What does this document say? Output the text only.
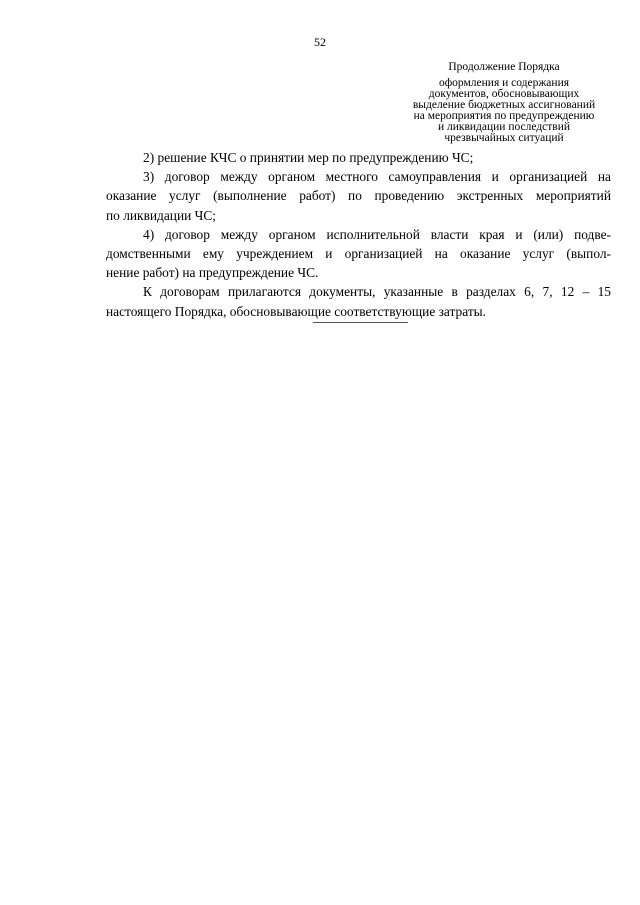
52
Продолжение Порядка
оформления и содержания
документов, обосновывающих
выделение бюджетных ассигнований
на мероприятия по предупреждению
и ликвидации последствий
чрезвычайных ситуаций

2) решение КЧС о принятии мер по предупреждению ЧС;

3) договор между органом местного самоуправления и организацией на
оказание услуг (выполнение работ) по проведению экстренных мероприятий
по ликвидации ЧС;

4) договор между органом исполнительной власти края и (или) подве-
домственными ему учреждением и организацией на оказание услуг (выпол-
нение работ) на предупреждение ЧС.

К договорам прилагаются документы, указанные в разделах 6, 7, 12 – 15
настоящего Порядка, обосновывающие соответствующие затраты.
